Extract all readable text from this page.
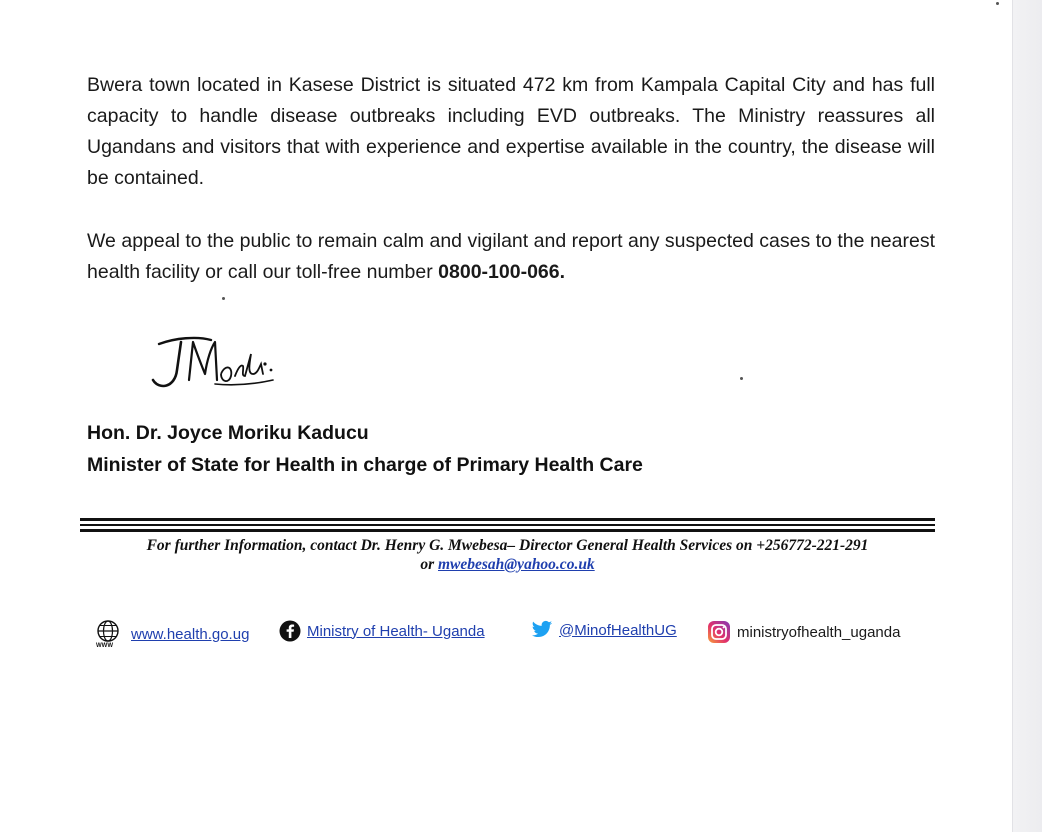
Bwera town located in Kasese District is situated 472 km from Kampala Capital City and has full capacity to handle disease outbreaks including EVD outbreaks. The Ministry reassures all Ugandans and visitors that with experience and expertise available in the country, the disease will be contained.

We appeal to the public to remain calm and vigilant and report any suspected cases to the nearest health facility or call our toll-free number 0800-100-066.

Hon. Dr. Joyce Moriku Kaducu
Minister of State for Health in charge of Primary Health Care

For further Information, contact Dr. Henry G. Mwebesa– Director General Health Services on +256772-221-291
or mwebesah@yahoo.co.uk

WWW
www.health.go.ug	Ministry of Health- Uganda	@MinofHealthUG	ministryofhealth_uganda
